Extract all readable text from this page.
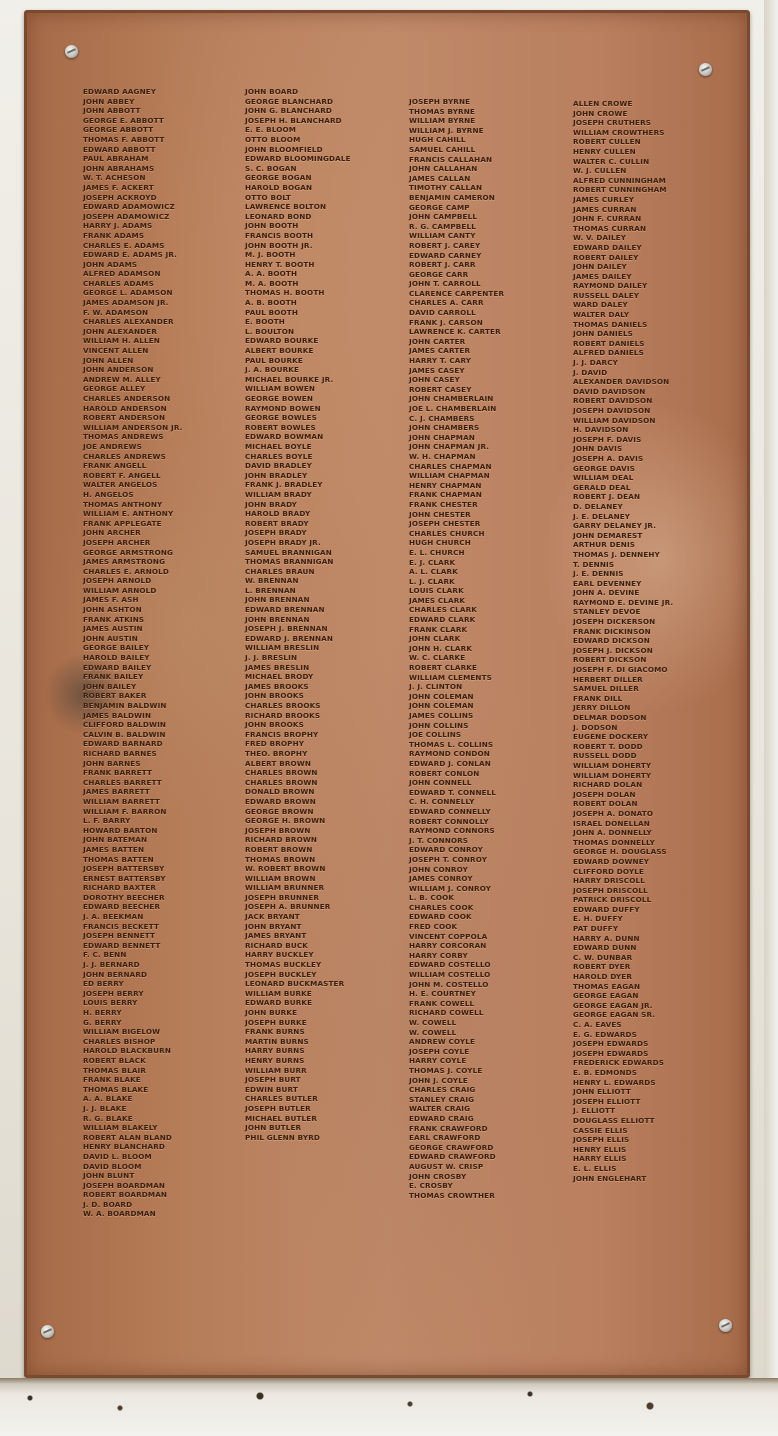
EDWARD AAGNEY
JOHN ABBEY
JOHN ABBOTT
GEORGE E. ABBOTT
GEORGE ABBOTT
THOMAS F. ABBOTT
EDWARD ABBOTT
PAUL ABRAHAM
JOHN ABRAHAMS
W. T. ACHESON
JAMES F. ACKERT
JOSEPH ACKROYD
EDWARD ADAMOWICZ
JOSEPH ADAMOWICZ
HARRY J. ADAMS
FRANK ADAMS
CHARLES E. ADAMS
EDWARD E. ADAMS JR.
JOHN ADAMS
ALFRED ADAMSON
CHARLES ADAMS
GEORGE L. ADAMSON
JAMES ADAMSON JR.
F. W. ADAMSON
CHARLES ALEXANDER
JOHN ALEXANDER
WILLIAM H. ALLEN
VINCENT ALLEN
JOHN ALLEN
JOHN ANDERSON
ANDREW M. ALLEY
GEORGE ALLEY
CHARLES ANDERSON
HAROLD ANDERSON
ROBERT ANDERSON
WILLIAM ANDERSON JR.
THOMAS ANDREWS
JOE ANDREWS
CHARLES ANDREWS
FRANK ANGELL
ROBERT F. ANGELL
WALTER ANGELOS
H. ANGELOS
THOMAS ANTHONY
WILLIAM E. ANTHONY
FRANK APPLEGATE
JOHN ARCHER
JOSEPH ARCHER
GEORGE ARMSTRONG
JAMES ARMSTRONG
CHARLES E. ARNOLD
JOSEPH ARNOLD
WILLIAM ARNOLD
JAMES F. ASH
JOHN ASHTON
FRANK ATKINS
JAMES AUSTIN
JOHN AUSTIN
GEORGE BAILEY
HAROLD BAILEY
EDWARD BAILEY
FRANK BAILEY
JOHN BAILEY
ROBERT BAKER
BENJAMIN BALDWIN
JAMES BALDWIN
CLIFFORD BALDWIN
CALVIN B. BALDWIN
EDWARD BARNARD
RICHARD BARNES
JOHN BARNES
FRANK BARRETT
CHARLES BARRETT
JAMES BARRETT
WILLIAM BARRETT
WILLIAM F. BARRON
L. F. BARRY
HOWARD BARTON
JOHN BATEMAN
JAMES BATTEN
THOMAS BATTEN
JOSEPH BATTERSBY
ERNEST BATTERSBY
RICHARD BAXTER
DOROTHY BEECHER
EDWARD BEECHER
J. A. BEEKMAN
FRANCIS BECKETT
JOSEPH BENNETT
EDWARD BENNETT
F. C. BENN
J. J. BERNARD
JOHN BERNARD
ED BERRY
JOSEPH BERRY
LOUIS BERRY
H. BERRY
G. BERRY
WILLIAM BIGELOW
CHARLES BISHOP
HAROLD BLACKBURN
ROBERT BLACK
THOMAS BLAIR
FRANK BLAKE
THOMAS BLAKE
A. A. BLAKE
J. J. BLAKE
R. G. BLAKE
WILLIAM BLAKELY
ROBERT ALAN BLAND
HENRY BLANCHARD
DAVID L. BLOOM
DAVID BLOOM
JOHN BLUNT
JOSEPH BOARDMAN
ROBERT BOARDMAN
J. D. BOARD
W. A. BOARDMAN
JOHN BOARD
GEORGE BLANCHARD
JOHN G. BLANCHARD
JOSEPH H. BLANCHARD
E. E. BLOOM
OTTO BLOOM
JOHN BLOOMFIELD
EDWARD BLOOMINGDALE
S. C. BOGAN
GEORGE BOGAN
HAROLD BOGAN
OTTO BOLT
LAWRENCE BOLTON
LEONARD BOND
JOHN BOOTH
FRANCIS BOOTH
JOHN BOOTH JR.
M. J. BOOTH
HENRY T. BOOTH
A. A. BOOTH
M. A. BOOTH
THOMAS H. BOOTH
A. B. BOOTH
PAUL BOOTH
E. BOOTH
L. BOULTON
EDWARD BOURKE
ALBERT BOURKE
PAUL BOURKE
J. A. BOURKE
MICHAEL BOURKE JR.
WILLIAM BOWEN
GEORGE BOWEN
RAYMOND BOWEN
GEORGE BOWLES
ROBERT BOWLES
EDWARD BOWMAN
MICHAEL BOYLE
CHARLES BOYLE
DAVID BRADLEY
JOHN BRADLEY
FRANK J. BRADLEY
WILLIAM BRADY
JOHN BRADY
HAROLD BRADY
ROBERT BRADY
JOSEPH BRADY
JOSEPH BRADY JR.
SAMUEL BRANNIGAN
THOMAS BRANNIGAN
CHARLES BRAUN
W. BRENNAN
L. BRENNAN
JOHN BRENNAN
EDWARD BRENNAN
JOHN BRENNAN
JOSEPH J. BRENNAN
EDWARD J. BRENNAN
WILLIAM BRESLIN
J. J. BRESLIN
JAMES BRESLIN
MICHAEL BRODY
JAMES BROOKS
JOHN BROOKS
CHARLES BROOKS
RICHARD BROOKS
JOHN BROOKS
FRANCIS BROPHY
FRED BROPHY
THEO. BROPHY
ALBERT BROWN
CHARLES BROWN
CHARLES BROWN
DONALD BROWN
EDWARD BROWN
GEORGE BROWN
GEORGE H. BROWN
JOSEPH BROWN
RICHARD BROWN
ROBERT BROWN
THOMAS BROWN
W. ROBERT BROWN
WILLIAM BROWN
WILLIAM BRUNNER
JOSEPH BRUNNER
JOSEPH A. BRUNNER
JACK BRYANT
JOHN BRYANT
JAMES BRYANT
RICHARD BUCK
HARRY BUCKLEY
THOMAS BUCKLEY
JOSEPH BUCKLEY
LEONARD BUCKMASTER
WILLIAM BURKE
EDWARD BURKE
JOHN BURKE
JOSEPH BURKE
FRANK BURNS
MARTIN BURNS
HARRY BURNS
HENRY BURNS
WILLIAM BURR
JOSEPH BURT
EDWIN BURT
CHARLES BUTLER
JOSEPH BUTLER
MICHAEL BUTLER
JOHN BUTLER
PHIL GLENN BYRD
JOSEPH BYRNE
THOMAS BYRNE
WILLIAM BYRNE
WILLIAM J. BYRNE
HUGH CAHILL
SAMUEL CAHILL
FRANCIS CALLAHAN
JOHN CALLAHAN
JAMES CALLAN
TIMOTHY CALLAN
BENJAMIN CAMERON
GEORGE CAMP
JOHN CAMPBELL
R. G. CAMPBELL
WILLIAM CANTY
ROBERT J. CAREY
EDWARD CARNEY
ROBERT J. CARR
GEORGE CARR
JOHN T. CARROLL
CLARENCE CARPENTER
CHARLES A. CARR
DAVID CARROLL
FRANK J. CARSON
LAWRENCE K. CARTER
JOHN CARTER
JAMES CARTER
HARRY T. CARY
JAMES CASEY
JOHN CASEY
ROBERT CASEY
JOHN CHAMBERLAIN
JOE L. CHAMBERLAIN
C. J. CHAMBERS
JOHN CHAMBERS
JOHN CHAPMAN
JOHN CHAPMAN JR.
W. H. CHAPMAN
CHARLES CHAPMAN
WILLIAM CHAPMAN
HENRY CHAPMAN
FRANK CHAPMAN
FRANK CHESTER
JOHN CHESTER
JOSEPH CHESTER
CHARLES CHURCH
HUGH CHURCH
E. L. CHURCH
E. J. CLARK
A. L. CLARK
L. J. CLARK
LOUIS CLARK
JAMES CLARK
CHARLES CLARK
EDWARD CLARK
FRANK CLARK
JOHN CLARK
JOHN H. CLARK
W. C. CLARKE
ROBERT CLARKE
WILLIAM CLEMENTS
J. J. CLINTON
JOHN COLEMAN
JOHN COLEMAN
JAMES COLLINS
JOHN COLLINS
JOE COLLINS
THOMAS L. COLLINS
RAYMOND CONDON
EDWARD J. CONLAN
ROBERT CONLON
JOHN CONNELL
EDWARD T. CONNELL
C. H. CONNELLY
EDWARD CONNELLY
ROBERT CONNOLLY
RAYMOND CONNORS
J. T. CONNORS
EDWARD CONROY
JOSEPH T. CONROY
JOHN CONROY
JAMES CONROY
WILLIAM J. CONROY
L. B. COOK
CHARLES COOK
EDWARD COOK
FRED COOK
VINCENT COPPOLA
HARRY CORCORAN
HARRY CORBY
EDWARD COSTELLO
WILLIAM COSTELLO
JOHN M. COSTELLO
H. E. COURTNEY
FRANK COWELL
RICHARD COWELL
W. COWELL
W. COWELL
ANDREW COYLE
JOSEPH COYLE
HARRY COYLE
THOMAS J. COYLE
JOHN J. COYLE
CHARLES CRAIG
STANLEY CRAIG
WALTER CRAIG
EDWARD CRAIG
FRANK CRAWFORD
EARL CRAWFORD
GEORGE CRAWFORD
EDWARD CRAWFORD
AUGUST W. CRISP
JOHN CROSBY
E. CROSBY
THOMAS CROWTHER
ALLEN CROWE
JOHN CROWE
JOSEPH CRUTHERS
WILLIAM CROWTHERS
ROBERT CULLEN
HENRY CULLEN
WALTER C. CULLIN
W. J. CULLEN
ALFRED CUNNINGHAM
ROBERT CUNNINGHAM
JAMES CURLEY
JAMES CURRAN
JOHN F. CURRAN
THOMAS CURRAN
W. V. DAILEY
EDWARD DAILEY
ROBERT DAILEY
JOHN DAILEY
JAMES DAILEY
RAYMOND DAILEY
RUSSELL DALEY
WARD DALEY
WALTER DALY
THOMAS DANIELS
JOHN DANIELS
ROBERT DANIELS
ALFRED DANIELS
J. J. DARCY
J. DAVID
ALEXANDER DAVIDSON
DAVID DAVIDSON
ROBERT DAVIDSON
JOSEPH DAVIDSON
WILLIAM DAVIDSON
H. DAVIDSON
JOSEPH F. DAVIS
JOHN DAVIS
JOSEPH A. DAVIS
GEORGE DAVIS
WILLIAM DEAL
GERALD DEAL
ROBERT J. DEAN
D. DELANEY
J. E. DELANEY
GARRY DELANEY JR.
JOHN DEMAREST
ARTHUR DENIS
THOMAS J. DENNEHY
T. DENNIS
J. E. DENNIS
EARL DEVENNEY
JOHN A. DEVINE
RAYMOND E. DEVINE JR.
STANLEY DEVOE
JOSEPH DICKERSON
FRANK DICKINSON
EDWARD DICKSON
JOSEPH J. DICKSON
ROBERT DICKSON
JOSEPH F. DI GIACOMO
HERBERT DILLER
SAMUEL DILLER
FRANK DILL
JERRY DILLON
DELMAR DODSON
J. DODSON
EUGENE DOCKERY
ROBERT T. DODD
RUSSELL DODD
WILLIAM DOHERTY
WILLIAM DOHERTY
RICHARD DOLAN
JOSEPH DOLAN
ROBERT DOLAN
JOSEPH A. DONATO
ISRAEL DONELLAN
JOHN A. DONNELLY
THOMAS DONNELLY
GEORGE H. DOUGLASS
EDWARD DOWNEY
CLIFFORD DOYLE
HARRY DRISCOLL
JOSEPH DRISCOLL
PATRICK DRISCOLL
EDWARD DUFFY
E. H. DUFFY
PAT DUFFY
HARRY A. DUNN
EDWARD DUNN
C. W. DUNBAR
ROBERT DYER
HAROLD DYER
THOMAS EAGAN
GEORGE EAGAN
GEORGE EAGAN JR.
GEORGE EAGAN SR.
C. A. EAVES
E. G. EDWARDS
JOSEPH EDWARDS
JOSEPH EDWARDS
FREDERICK EDWARDS
E. B. EDMONDS
HENRY L. EDWARDS
JOHN ELLIOTT
JOSEPH ELLIOTT
J. ELLIOTT
DOUGLASS ELLIOTT
CASSIE ELLIS
JOSEPH ELLIS
HENRY ELLIS
HARRY ELLIS
E. L. ELLIS
JOHN ENGLEHART
